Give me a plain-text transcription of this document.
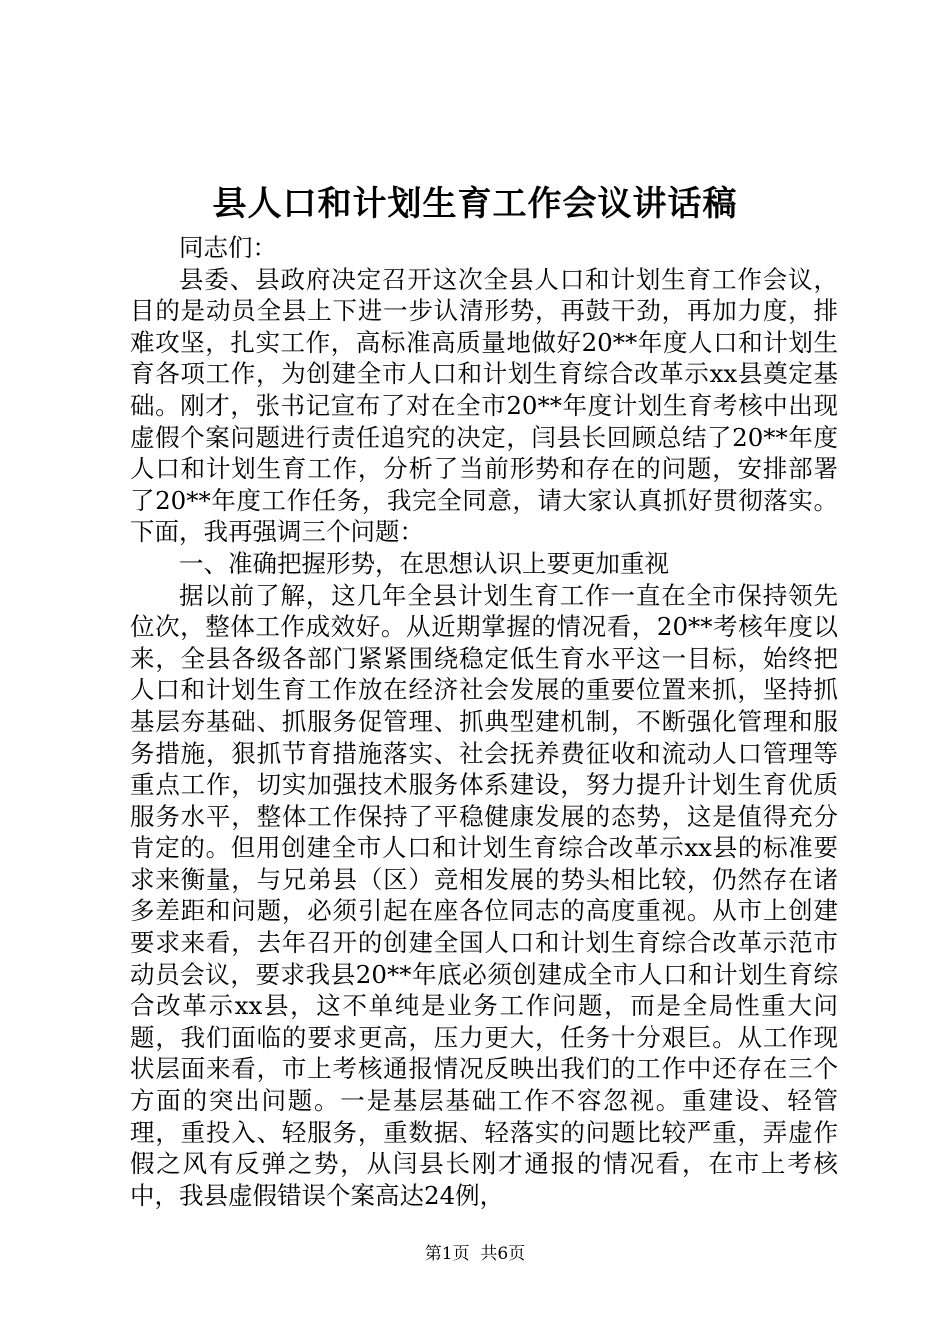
县人口和计划生育工作会议讲话稿

同志们：

县委、县政府决定召开这次全县人口和计划生育工作会议，目的是动员全县上下进一步认清形势，再鼓干劲，再加力度，排难攻坚，扎实工作，高标准高质量地做好20**年度人口和计划生育各项工作，为创建全市人口和计划生育综合改革示xx县奠定基础。刚才，张书记宣布了对在全市20**年度计划生育考核中出现虚假个案问题进行责任追究的决定，闫县长回顾总结了20**年度人口和计划生育工作，分析了当前形势和存在的问题，安排部署了20**年度工作任务，我完全同意，请大家认真抓好贯彻落实。下面，我再强调三个问题：

一、准确把握形势，在思想认识上要更加重视

据以前了解，这几年全县计划生育工作一直在全市保持领先位次，整体工作成效好。从近期掌握的情况看，20**考核年度以来，全县各级各部门紧紧围绕稳定低生育水平这一目标，始终把人口和计划生育工作放在经济社会发展的重要位置来抓，坚持抓基层夯基础、抓服务促管理、抓典型建机制，不断强化管理和服务措施，狠抓节育措施落实、社会抚养费征收和流动人口管理等重点工作，切实加强技术服务体系建设，努力提升计划生育优质服务水平，整体工作保持了平稳健康发展的态势，这是值得充分肯定的。但用创建全市人口和计划生育综合改革示xx县的标准要求来衡量，与兄弟县（区）竞相发展的势头相比较，仍然存在诸多差距和问题，必须引起在座各位同志的高度重视。从市上创建要求来看，去年召开的创建全国人口和计划生育综合改革示范市动员会议，要求我县20**年底必须创建成全市人口和计划生育综合改革示xx县，这不单纯是业务工作问题，而是全局性重大问题，我们面临的要求更高，压力更大，任务十分艰巨。从工作现状层面来看，市上考核通报情况反映出我们的工作中还存在三个方面的突出问题。一是基层基础工作不容忽视。重建设、轻管理，重投入、轻服务，重数据、轻落实的问题比较严重，弄虚作假之风有反弹之势，从闫县长刚才通报的情况看，在市上考核中，我县虚假错误个案高达24例，

第1页 共6页
